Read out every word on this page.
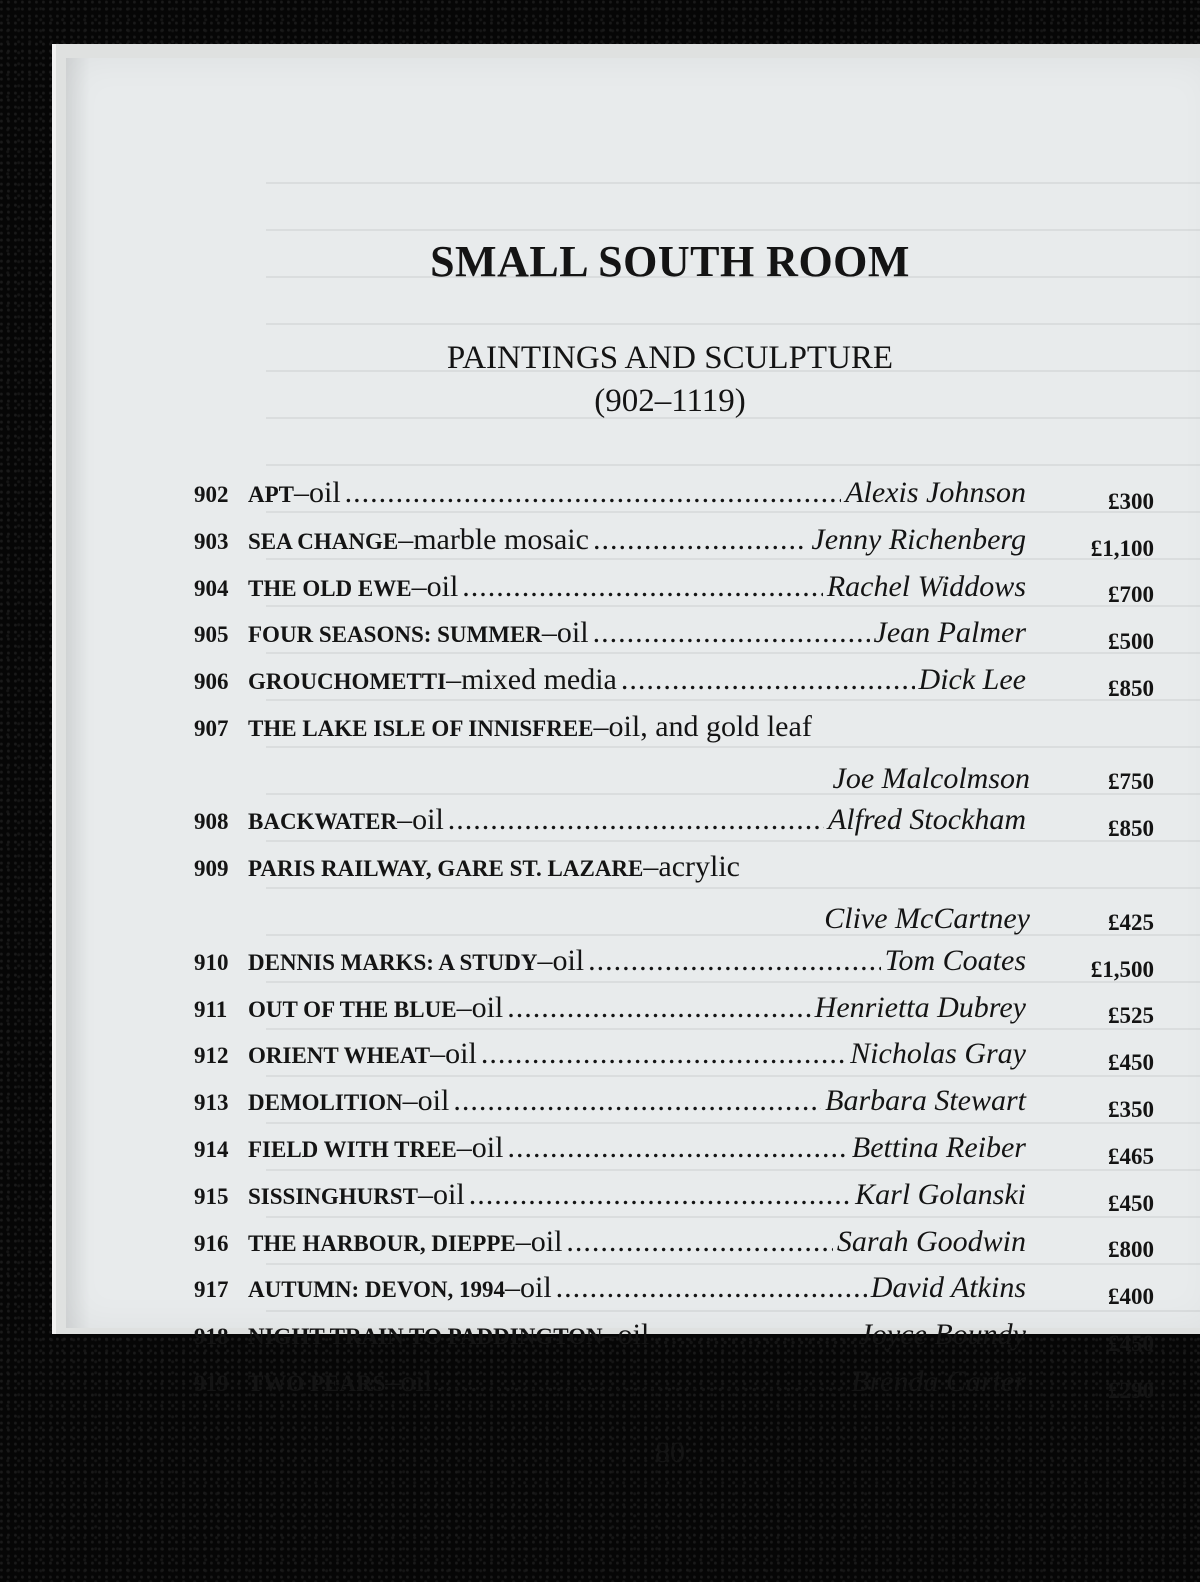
SMALL SOUTH ROOM
PAINTINGS AND SCULPTURE
(902–1119)
902 APT – oil .....	Alexis Johnson	£300
903 SEA CHANGE – marble mosaic .....	Jenny Richenberg	£1,100
904 THE OLD EWE – oil .....	Rachel Widdows	£700
905 FOUR SEASONS: SUMMER – oil .....	Jean Palmer	£500
906 GROUCHOMETTI – mixed media .....	Dick Lee	£850
907 THE LAKE ISLE OF INNISFREE – oil, and gold leaf
Joe Malcolmson	£750
908 BACKWATER – oil .....	Alfred Stockham	£850
909 PARIS RAILWAY, GARE ST. LAZARE – acrylic
Clive McCartney	£425
910 DENNIS MARKS: A STUDY – oil .....	Tom Coates	£1,500
911 OUT OF THE BLUE – oil .....	Henrietta Dubrey	£525
912 ORIENT WHEAT – oil .....	Nicholas Gray	£450
913 DEMOLITION – oil .....	Barbara Stewart	£350
914 FIELD WITH TREE – oil .....	Bettina Reiber	£465
915 SISSINGHURST – oil .....	Karl Golanski	£450
916 THE HARBOUR, DIEPPE – oil .....	Sarah Goodwin	£800
917 AUTUMN: DEVON, 1994 – oil .....	David Atkins	£400
918 NIGHT TRAIN TO PADDINGTON – oil .....	Joyce Boundy	£450
919 TWO PEARS – oil .....	Brenda Carter	£290
80
